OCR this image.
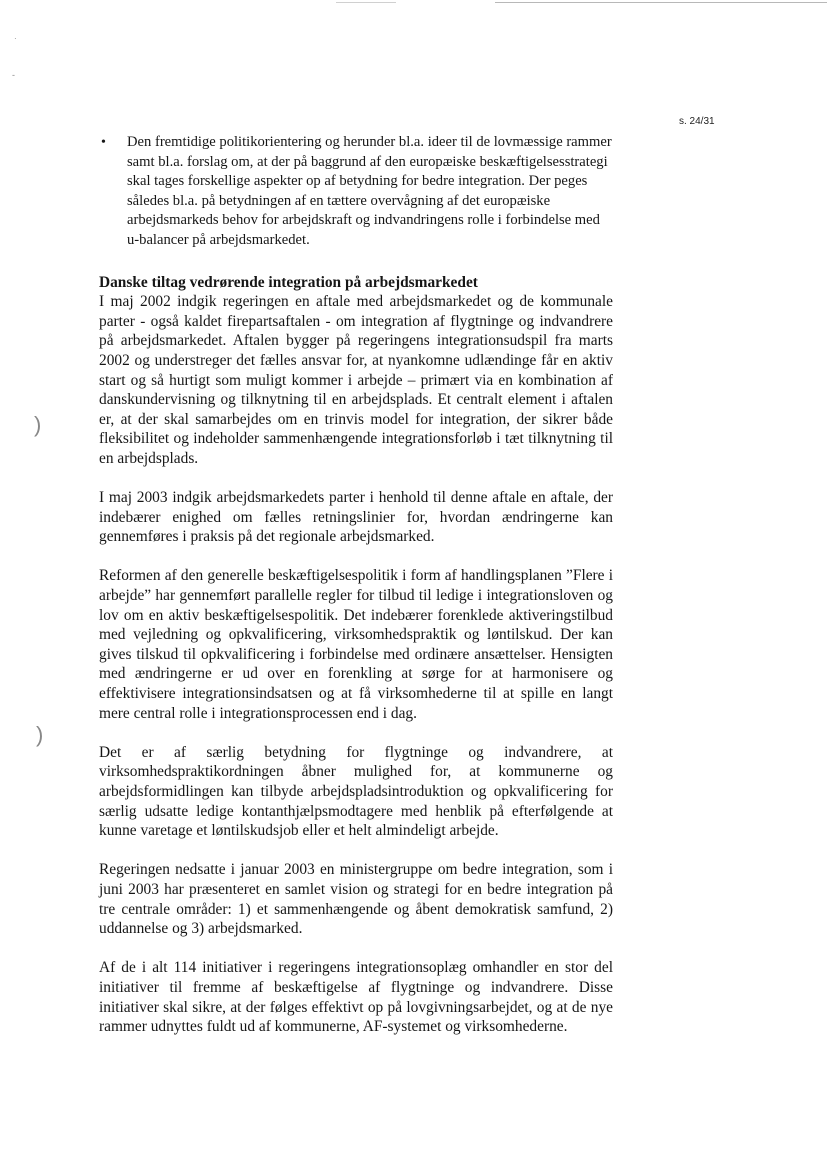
·
-
)
)
s. 24/31
• Den fremtidige politikorientering og herunder bl.a. ideer til de lovmæssige rammer samt bl.a. forslag om, at der på baggrund af den europæiske beskæftigelsesstrategi skal tages forskellige aspekter op af betydning for bedre integration. Der peges således bl.a. på betydningen af en tættere overvågning af det europæiske arbejdsmarkeds behov for arbejdskraft og indvandringens rolle i forbindelse med u-balancer på arbejdsmarkedet.
Danske tiltag vedrørende integration på arbejdsmarkedet

I maj 2002 indgik regeringen en aftale med arbejdsmarkedet og de kommunale parter - også kaldet firepartsaftalen - om integration af flygtninge og indvandrere på arbejdsmarkedet. Aftalen bygger på regeringens integrationsudspil fra marts 2002 og understreger det fælles ansvar for, at nyankomne udlændinge får en aktiv start og så hurtigt som muligt kommer i arbejde – primært via en kombination af danskundervisning og tilknytning til en arbejdsplads. Et centralt element i aftalen er, at der skal samarbejdes om en trinvis model for integration, der sikrer både fleksibilitet og indeholder sammenhængende integrationsforløb i tæt tilknytning til en arbejdsplads.

I maj 2003 indgik arbejdsmarkedets parter i henhold til denne aftale en aftale, der indebærer enighed om fælles retningslinier for, hvordan ændringerne kan gennemføres i praksis på det regionale arbejdsmarked.

Reformen af den generelle beskæftigelsespolitik i form af handlingsplanen ”Flere i arbejde” har gennemført parallelle regler for tilbud til ledige i integrationsloven og lov om en aktiv beskæftigelsespolitik. Det indebærer forenklede aktiveringstilbud med vejledning og opkvalificering, virksomhedspraktik og løntilskud. Der kan gives tilskud til opkvalificering i forbindelse med ordinære ansættelser. Hensigten med ændringerne er ud over en forenkling at sørge for at harmonisere og effektivisere integrationsindsatsen og at få virksomhederne til at spille en langt mere central rolle i integrationsprocessen end i dag.

Det er af særlig betydning for flygtninge og indvandrere, at virksomhedspraktikordningen åbner mulighed for, at kommunerne og arbejdsformidlingen kan tilbyde arbejdspladsintroduktion og opkvalificering for særlig udsatte ledige kontanthjælpsmodtagere med henblik på efterfølgende at kunne varetage et løntilskudsjob eller et helt almindeligt arbejde.

Regeringen nedsatte i januar 2003 en ministergruppe om bedre integration, som i juni 2003 har præsenteret en samlet vision og strategi for en bedre integration på tre centrale områder: 1) et sammenhængende og åbent demokratisk samfund, 2) uddannelse og 3) arbejdsmarked.

Af de i alt 114 initiativer i regeringens integrationsoplæg omhandler en stor del initiativer til fremme af beskæftigelse af flygtninge og indvandrere. Disse initiativer skal sikre, at der følges effektivt op på lovgivningsarbejdet, og at de nye rammer udnyttes fuldt ud af kommunerne, AF-systemet og virksomhederne.
